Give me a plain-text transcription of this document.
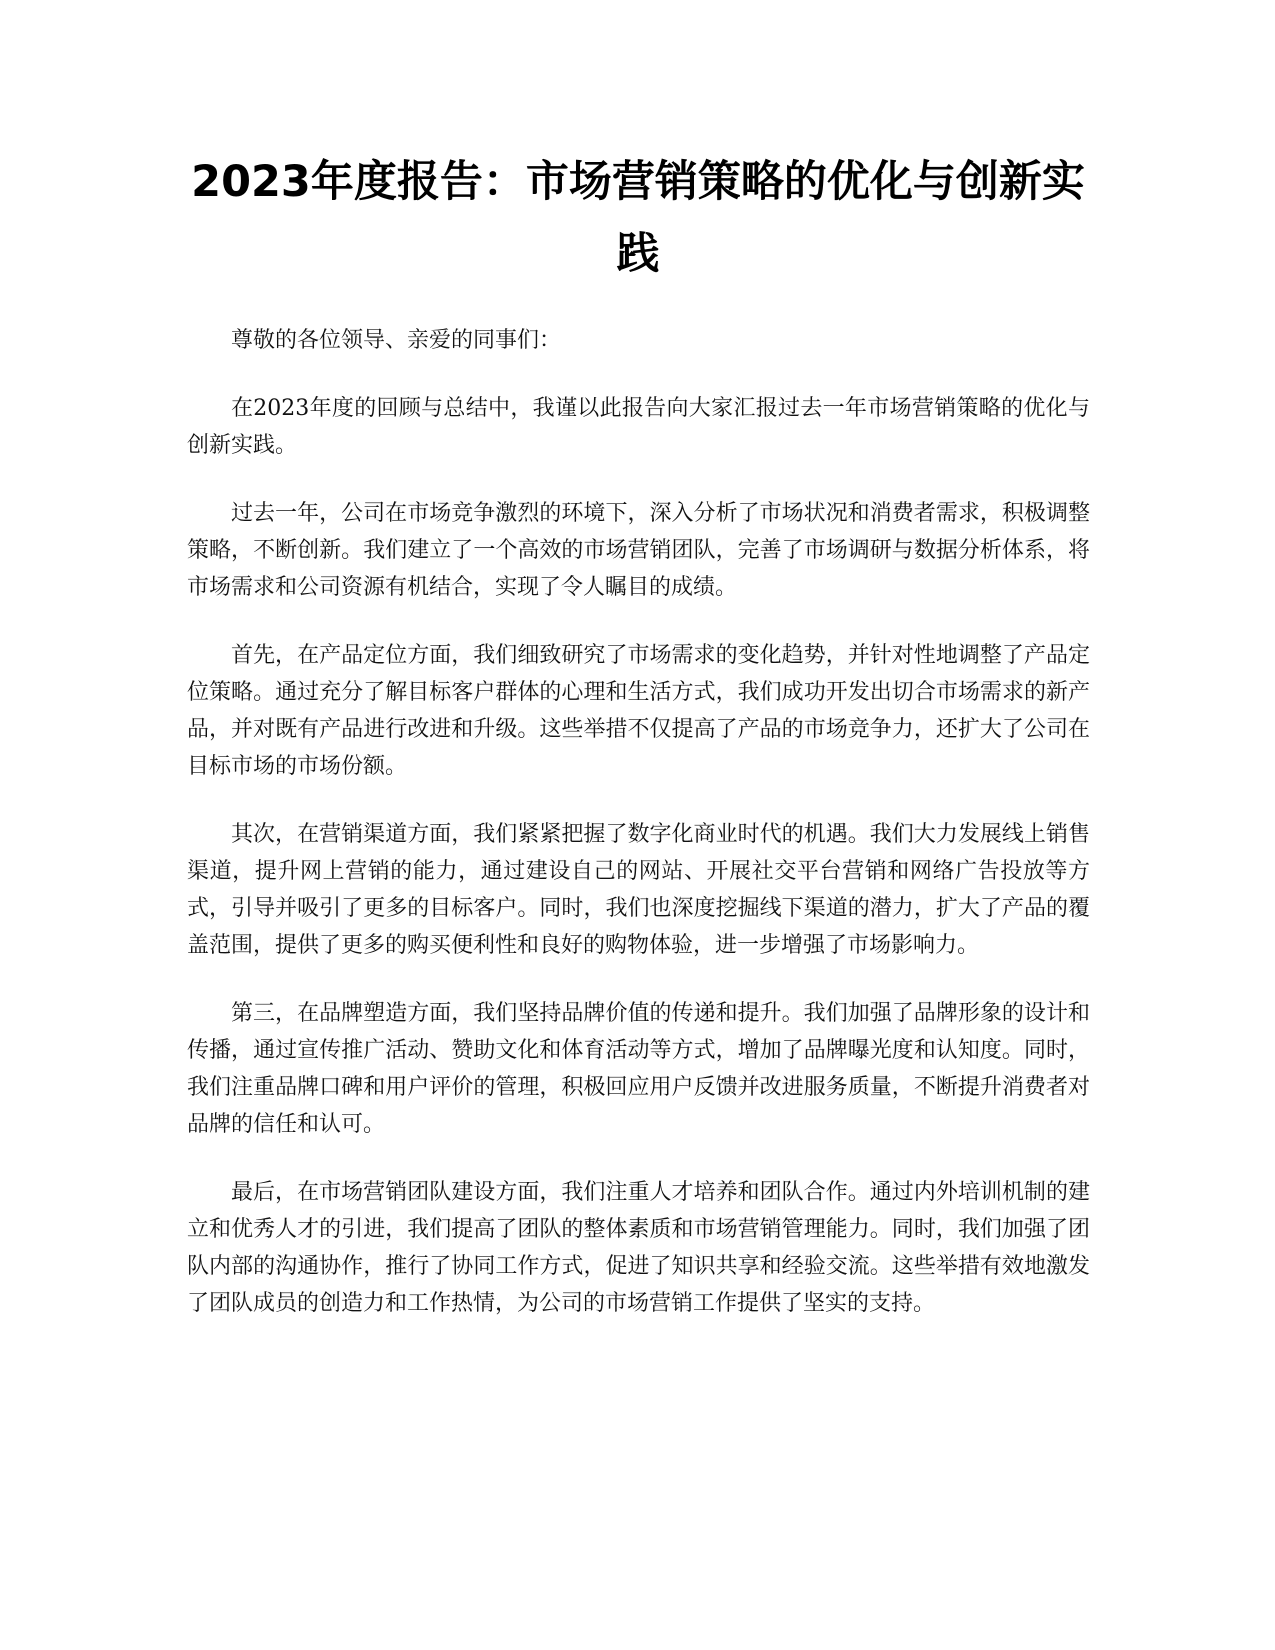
2023年度报告：市场营销策略的优化与创新实践

尊敬的各位领导、亲爱的同事们：

在2023年度的回顾与总结中，我谨以此报告向大家汇报过去一年市场营销策略的优化与创新实践。

过去一年，公司在市场竞争激烈的环境下，深入分析了市场状况和消费者需求，积极调整策略，不断创新。我们建立了一个高效的市场营销团队，完善了市场调研与数据分析体系，将市场需求和公司资源有机结合，实现了令人瞩目的成绩。

首先，在产品定位方面，我们细致研究了市场需求的变化趋势，并针对性地调整了产品定位策略。通过充分了解目标客户群体的心理和生活方式，我们成功开发出切合市场需求的新产品，并对既有产品进行改进和升级。这些举措不仅提高了产品的市场竞争力，还扩大了公司在目标市场的市场份额。

其次，在营销渠道方面，我们紧紧把握了数字化商业时代的机遇。我们大力发展线上销售渠道，提升网上营销的能力，通过建设自己的网站、开展社交平台营销和网络广告投放等方式，引导并吸引了更多的目标客户。同时，我们也深度挖掘线下渠道的潜力，扩大了产品的覆盖范围，提供了更多的购买便利性和良好的购物体验，进一步增强了市场影响力。

第三，在品牌塑造方面，我们坚持品牌价值的传递和提升。我们加强了品牌形象的设计和传播，通过宣传推广活动、赞助文化和体育活动等方式，增加了品牌曝光度和认知度。同时，我们注重品牌口碑和用户评价的管理，积极回应用户反馈并改进服务质量，不断提升消费者对品牌的信任和认可。

最后，在市场营销团队建设方面，我们注重人才培养和团队合作。通过内外培训机制的建立和优秀人才的引进，我们提高了团队的整体素质和市场营销管理能力。同时，我们加强了团队内部的沟通协作，推行了协同工作方式，促进了知识共享和经验交流。这些举措有效地激发了团队成员的创造力和工作热情，为公司的市场营销工作提供了坚实的支持。
